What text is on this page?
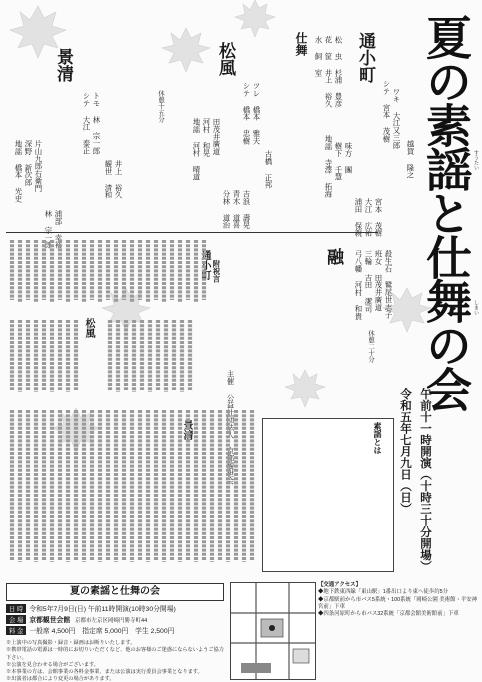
夏の素謡と仕舞の会 すうたい
しまい
令和五年七月九日（日） 午前十一時開演（十時三十分開場）
通小町
シテ 宮本 茂樹 ワキ 大江又三郎
越賀 隆之
地謡 寺澤 拓海 樹下 千慧 味方 團
浦田 保親 大江 広祐 宮本 茂樹
松風
シテ 橋本 忠樹 ツレ 橋本 雅夫
古橋 正邦
地謡 河村 晴道 河村 和晃 田茂井廣道
分林 道治 青木 道喜 吉浪 壽晃
休憩十五分
景清
シテ 大江 泰正 トモ 林 宗一郎
観世 清和 井上 裕久
地謡 橋本 光史 深野 新次郎 片山九郎右衛門
林 宗一郎 浦部 幸裕
仕舞 水 飼 室 花 筐 井上 裕久 松 虫 杉浦 豊彦
融 弓八幡 河村 和貴 三輪 吉田 潔司 班女 田茂井廣道 殺生石 鷲尾世志子
休憩二十分
附祝言
主催 公益社団法人 京都観世会
通小町
松風
景清	素謡とは
夏の素謡と仕舞の会
日 時 令和5年7月9日(日) 午前11時開演(10時30分開場)
会 場 京都観世会館 京都市左京区岡崎円勝寺町44
料 金 一般席 4,500円　指定席 5,000円　学生 2,500円
※上演中の写真撮影・録音・録画はお断りいたします。
※携帯電話の電源は一時的にお切りいただくなど、他のお客様のご迷惑にならないようご協力下さい。
※公演を見合わせる場合がございます。
※本事業の方は、会館事業の各料金事業、または公演は実行委員会事業となります。
※出演者は都合により変更の場合があります。
【交通アクセス】
◆地下鉄東西線「東山駅」1番出口より東へ徒歩約5分
◆京都駅前から市バス5系統・100系統「岡崎公園 美術館・平安神宮前」下車
◆四条河原町から市バス32系統「京都会館美術館前」下車
